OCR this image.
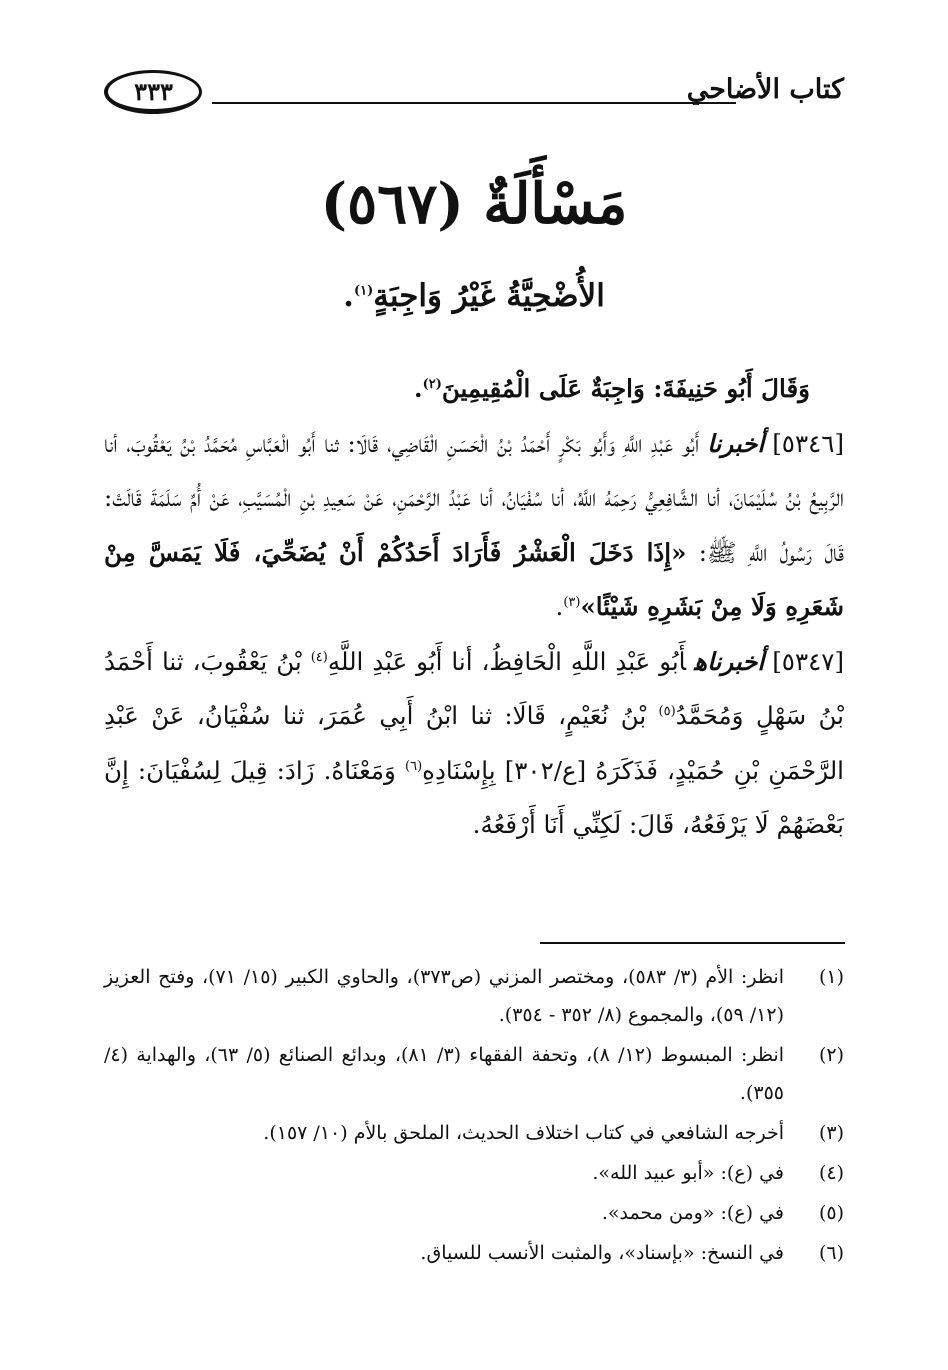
كتاب الأضاحي
٣٣٣
مَسْأَلَةٌ (٥٦٧)
الأُضْحِيَّةُ غَيْرُ وَاجِبَةٍ$^{(١)}$.

وَقَالَ أَبُو حَنِيفَةَ: وَاجِبَةٌ عَلَى الْمُقِيمِينَ$^{(٢)}$.

[٥٣٤٦]أخبرناأَبُو عَبْدِ اللَّهِ وَأَبُو بَكْرٍ أَحْمَدُ بْنُ الْحَسَنِ الْقَاضِي، قَالَا: ثنا أَبُو الْعَبَّاسِ مُحَمَّدُ بْنُ يَعْقُوبَ، أنا الرَّبِيعُ بْنُ سُلَيْمَانَ، أنا الشَّافِعِيُّ رَحِمَهُ اللَّهُ، أنا سُفْيَانُ، أنا عَبْدُ الرَّحْمَنِ، عَنْ سَعِيدِ بْنِ الْمُسَيَّبِ، عَنْ أُمِّ سَلَمَةَ قَالَتْ: قَالَ رَسُولُ اللَّهِ ﷺ: «إِذَا دَخَلَ الْعَشْرُ فَأَرَادَ أَحَدُكُمْ أَنْ يُضَحِّيَ، فَلَا يَمَسَّ مِنْ شَعَرِهِ وَلَا مِنْ بَشَرِهِ شَيْئًا»$^{(٣)}$.

[٥٣٤٧]أخبرناهأَبُو عَبْدِ اللَّهِ الْحَافِظُ، أنا أَبُو عَبْدِ اللَّهِ$^{(٤)}$ بْنُ يَعْقُوبَ، ثنا أَحْمَدُ بْنُ سَهْلٍ وَمُحَمَّدُ$^{(٥)}$ بْنُ نُعَيْمٍ، قَالَا: ثنا ابْنُ أَبِي عُمَرَ، ثنا سُفْيَانُ، عَنْ عَبْدِ الرَّحْمَنِ بْنِ حُمَيْدٍ، فَذَكَرَهُ [ع/٣٠٢] بِإِسْنَادِهِ$^{(٦)}$ وَمَعْنَاهُ. زَادَ: قِيلَ لِسُفْيَانَ: إِنَّ بَعْضَهُمْ لَا يَرْفَعُهُ، قَالَ: لَكِنِّي أَنَا أَرْفَعُهُ.

(١)
انظر: الأم (٣/ ٥٨٣)، ومختصر المزني (ص٣٧٣)، والحاوي الكبير (١٥/ ٧١)، وفتح العزيز (١٢/ ٥٩)، والمجموع (٨/ ٣٥٢ - ٣٥٤).
(٢)
انظر: المبسوط (١٢/ ٨)، وتحفة الفقهاء (٣/ ٨١)، وبدائع الصنائع (٥/ ٦٣)، والهداية (٤/ ٣٥٥).
(٣)
أخرجه الشافعي في كتاب اختلاف الحديث، الملحق بالأم (١٠/ ١٥٧).
(٤)
في (ع): «أبو عبيد الله».
(٥)
في (ع): «ومن محمد».
(٦)
في النسخ: «بإسناد»، والمثبت الأنسب للسياق.
